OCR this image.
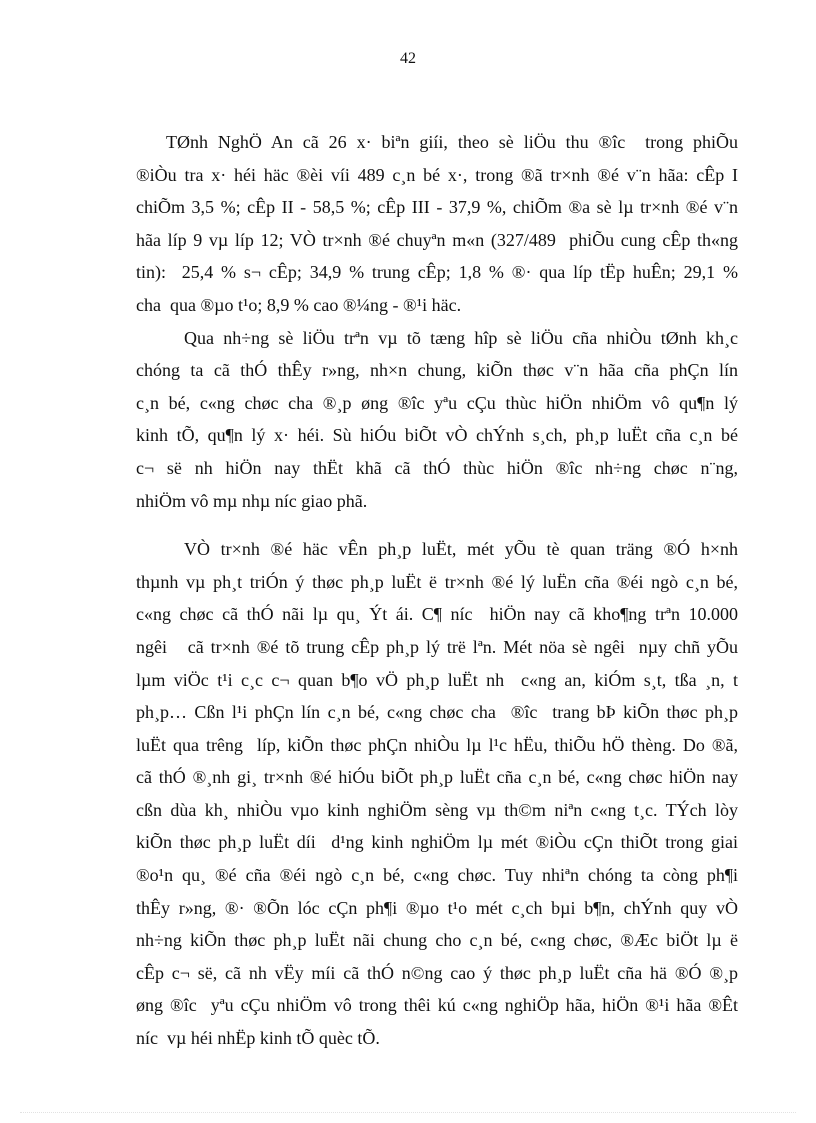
42
TØnh NghÖ An cã 26 x· biªn giíi, theo sè liÖu thu ®îc  trong phiÕu
®iÒu tra x· héi häc ®èi víi 489 c¸n bé x·, trong ®ã tr×nh ®é v¨n hãa: cÊp I
chiÕm 3,5 %; cÊp II - 58,5 %; cÊp III - 37,9 %, chiÕm ®a sè lµ tr×nh ®é v¨n
hãa líp 9 vµ líp 12; VÒ tr×nh ®é chuyªn m«n (327/489  phiÕu cung cÊp th«ng
tin):  25,4 % s¬ cÊp; 34,9 % trung cÊp; 1,8 % ®· qua líp tËp huÊn; 29,1 %
cha  qua ®µo t¹o; 8,9 % cao ®¼ng - ®¹i häc.
Qua nh÷ng sè liÖu trªn vµ tõ tæng hîp sè liÖu cña nhiÒu tØnh kh¸c
chóng ta cã thÓ thÊy r»ng, nh×n chung, kiÕn thøc v¨n hãa cña phÇn lín
c¸n bé, c«ng chøc cha ®¸p øng ®îc yªu cÇu thùc hiÖn nhiÖm vô qu¶n lý
kinh tÕ, qu¶n lý x· héi. Sù hiÓu biÕt vÒ chÝnh s¸ch, ph¸p luËt cña c¸n bé
c¬ së nh hiÖn nay thËt khã cã thÓ thùc hiÖn ®îc nh÷ng chøc n¨ng,
nhiÖm vô mµ nhµ níc giao phã.
VÒ tr×nh ®é häc vÊn ph¸p luËt, mét yÕu tè quan träng ®Ó h×nh
thµnh vµ ph¸t triÓn ý thøc ph¸p luËt ë tr×nh ®é lý luËn cña ®éi ngò c¸n bé,
c«ng chøc cã thÓ nãi lµ qu¸ Ýt ái. C¶ níc  hiÖn nay cã kho¶ng trªn 10.000
ngêi   cã tr×nh ®é tõ trung cÊp ph¸p lý trë lªn. Mét nöa sè ngêi  nµy chñ yÕu
lµm viÖc t¹i c¸c c¬ quan b¶o vÖ ph¸p luËt nh  c«ng an, kiÓm s¸t, tßa ¸n, t
ph¸p… Cßn l¹i phÇn lín c¸n bé, c«ng chøc cha  ®îc  trang bÞ kiÕn thøc ph¸p
luËt qua trêng  líp, kiÕn thøc phÇn nhiÒu lµ l¹c hËu, thiÕu hÖ thèng. Do ®ã,
cã thÓ ®¸nh gi¸ tr×nh ®é hiÓu biÕt ph¸p luËt cña c¸n bé, c«ng chøc hiÖn nay
cßn dùa kh¸ nhiÒu vµo kinh nghiÖm sèng vµ th©m niªn c«ng t¸c. TÝch lòy
kiÕn thøc ph¸p luËt díi  d¹ng kinh nghiÖm lµ mét ®iÒu cÇn thiÕt trong giai
®o¹n qu¸ ®é cña ®éi ngò c¸n bé, c«ng chøc. Tuy nhiªn chóng ta còng ph¶i
thÊy r»ng, ®· ®Õn lóc cÇn ph¶i ®µo t¹o mét c¸ch bµi b¶n, chÝnh quy vÒ
nh÷ng kiÕn thøc ph¸p luËt nãi chung cho c¸n bé, c«ng chøc, ®Æc biÖt lµ ë
cÊp c¬ së, cã nh vËy míi cã thÓ n©ng cao ý thøc ph¸p luËt cña hä ®Ó ®¸p
øng ®îc  yªu cÇu nhiÖm vô trong thêi kú c«ng nghiÖp hãa, hiÖn ®¹i hãa ®Êt
níc  vµ héi nhËp kinh tÕ quèc tÕ.
